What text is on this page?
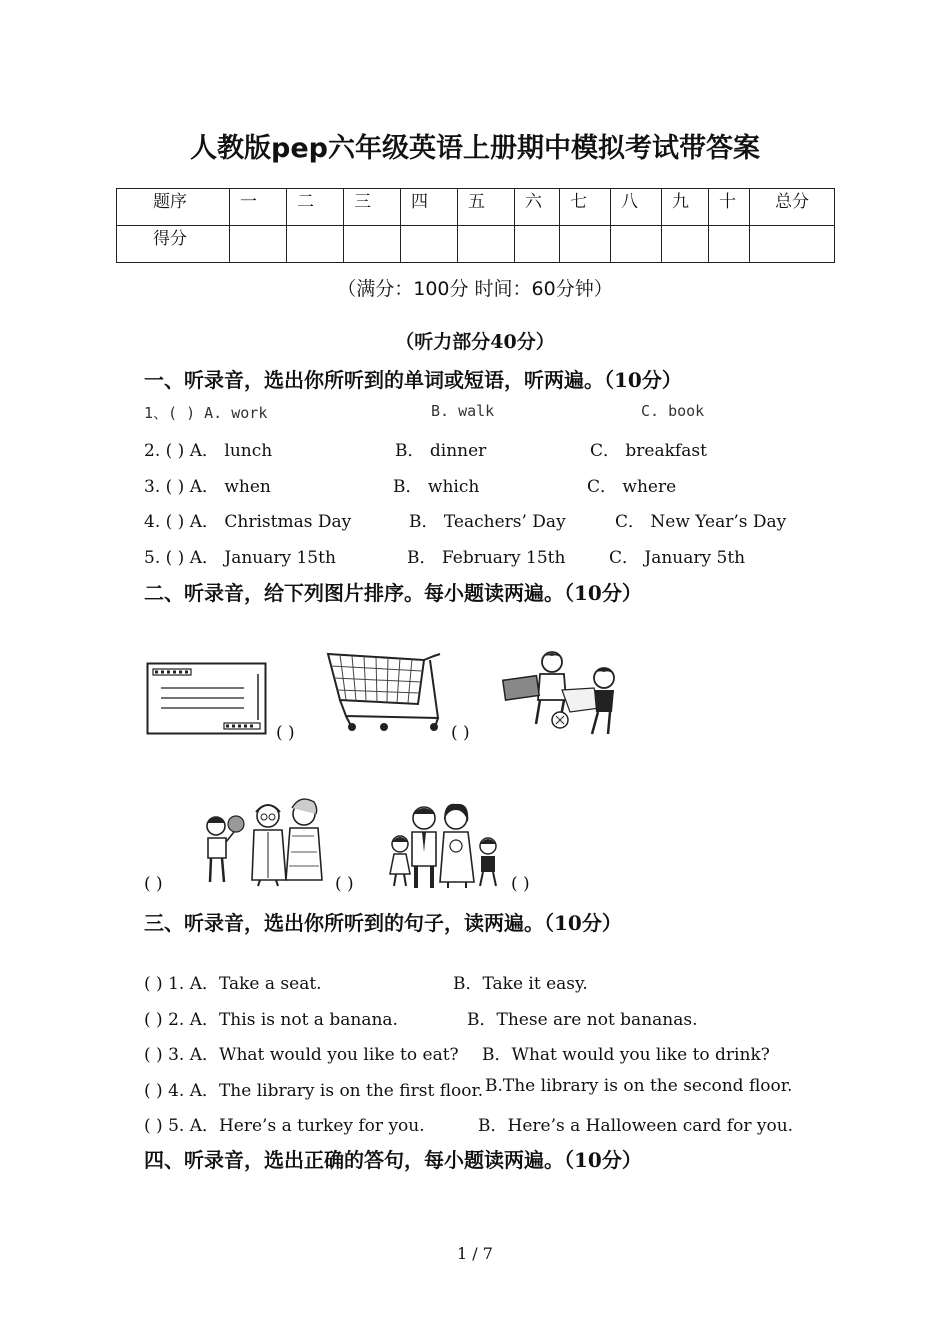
人教版pep六年级英语上册期中模拟考试带答案
题序	一	二	三	四	五	六	七	八	九	十	总分
得分											
（满分：100分 时间：60分钟）
（听力部分40分）
一、听录音，选出你所听到的单词或短语，听两遍。（10分）
1、( ) A. work	B. walk	C. book
2. ( ) A． lunch	B． dinner	C． breakfast
3. ( ) A． when	B． which	C． where
4. ( ) A． Christmas Day	B． Teachers’ Day	C． New Year’s Day
5. ( ) A． January 15th	B． February 15th	C． January 5th
二、听录音，给下列图片排序。每小题读两遍。（10分）
( )	( )
( )	( )	( )
三、听录音，选出你所听到的句子，读两遍。（10分）
( ) 1. A．Take a seat.	B．Take it easy.
( ) 2. A．This is not a banana.	B．These are not bananas.
( ) 3. A．What would you like to eat? B．What would you like to drink?
( ) 4. A．The library is on the first floor. B.The library is on the second floor.
( ) 5. A．Here’s a turkey for you.	B．Here’s a Halloween card for you.
四、听录音，选出正确的答句，每小题读两遍。（10分）
1 / 7
